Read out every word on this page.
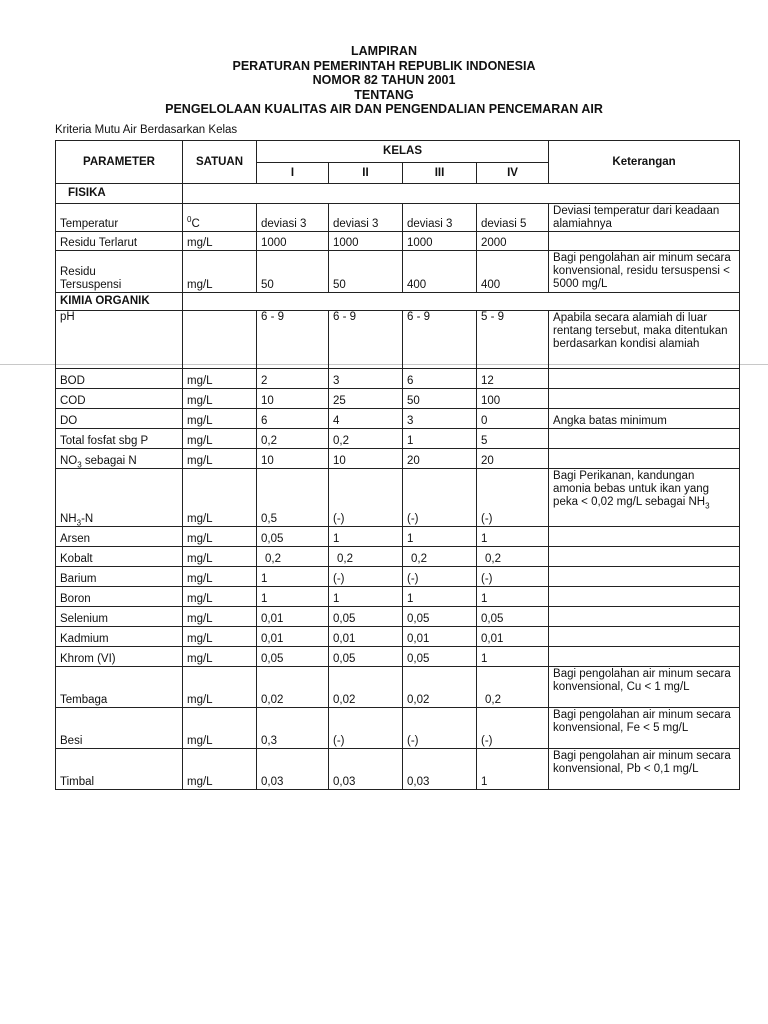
LAMPIRAN
PERATURAN PEMERINTAH REPUBLIK INDONESIA
NOMOR 82 TAHUN 2001
TENTANG
PENGELOLAAN KUALITAS AIR DAN PENGENDALIAN PENCEMARAN AIR
Kriteria Mutu Air Berdasarkan Kelas
PARAMETER	SATUAN	KELAS				Keterangan
		I	II	III	IV	
FISIKA						
Temperatur	$^0$C	deviasi 3	deviasi 3	deviasi 3	deviasi 5	Deviasi temperatur dari keadaan alamiahnya
Residu Terlarut	mg/L	1000	1000	1000	2000	
Residu
Tersuspensi	mg/L	50	50	400	400	Bagi pengolahan air minum secara konvensional, residu tersuspensi < 5000 mg/L
KIMIA ORGANIK						
pH		6 - 9	6 - 9	6 - 9	5 - 9	Apabila secara alamiah di luar rentang tersebut, maka ditentukan berdasarkan kondisi alamiah
BOD	mg/L	2	3	6	12	
COD	mg/L	10	25	50	100	
DO	mg/L	6	4	3	0	Angka batas minimum
Total fosfat sbg P	mg/L	0,2	0,2	1	5	
$NO_3$ sebagai N	mg/L	10	10	20	20	
$NH_3-N$	mg/L	0,5	(-)	(-)	(-)	Bagi Perikanan, kandungan amonia bebas untuk ikan yang peka < 0,02 mg/L sebagai $NH_3$
Arsen	mg/L	0,05	1	1	1	
Kobalt	mg/L	0,2	0,2	0,2	0,2	
Barium	mg/L	1	(-)	(-)	(-)	
Boron	mg/L	1	1	1	1	
Selenium	mg/L	0,01	0,05	0,05	0,05	
Kadmium	mg/L	0,01	0,01	0,01	0,01	
Khrom (VI)	mg/L	0,05	0,05	0,05	1	
Tembaga	mg/L	0,02	0,02	0,02	0,2	Bagi pengolahan air minum secara konvensional, Cu < 1 mg/L
Besi	mg/L	0,3	(-)	(-)	(-)	Bagi pengolahan air minum secara konvensional, Fe < 5 mg/L
Timbal	mg/L	0,03	0,03	0,03	1	Bagi pengolahan air minum secara konvensional, Pb < 0,1 mg/L
